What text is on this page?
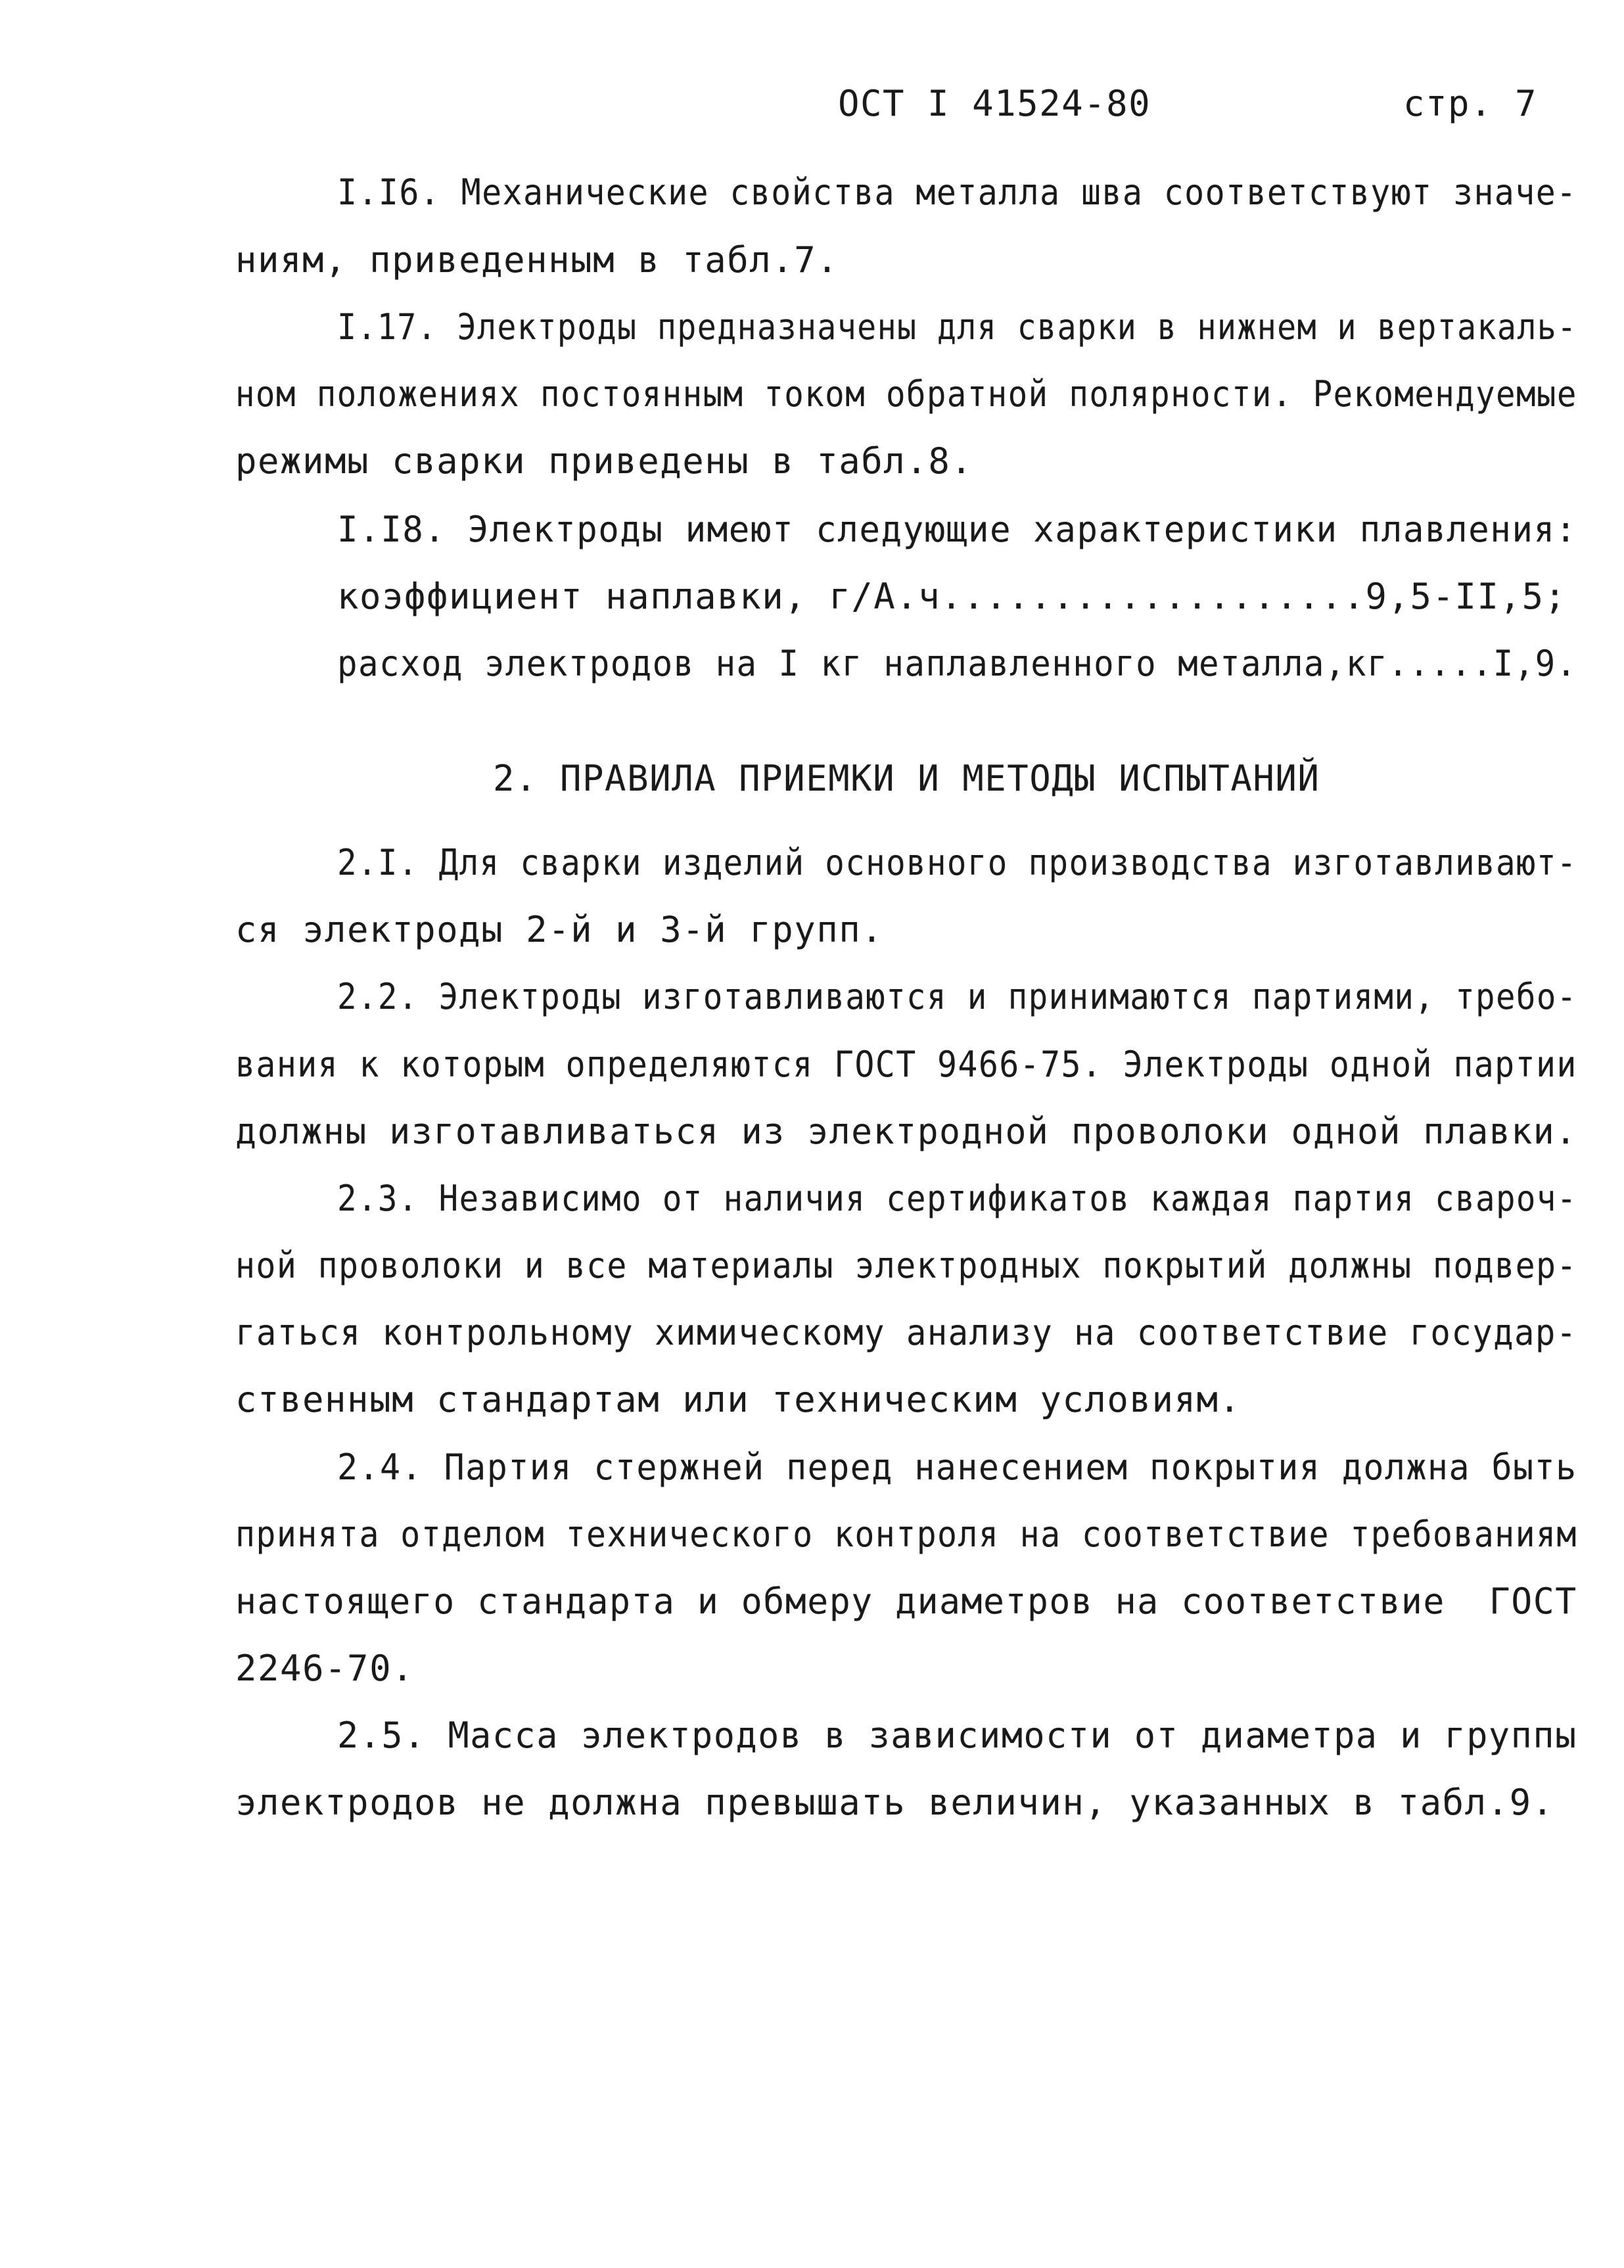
ОСТ I 41524-80	стр. 7
I.I6. Механические свойства металла шва соответствуют значе-
ниям, приведенным в табл.7.
I.17. Электроды предназначены для сварки в нижнем и вертакаль-
ном положениях постоянным током обратной полярности. Рекомендуемые
режимы сварки приведены в табл.8.
I.I8. Электроды имеют следующие характеристики плавления:
коэффициент наплавки, г/А.ч...................9,5-II,5;
расход электродов на I кг наплавленного металла,кг.....I,9.
2. ПРАВИЛА ПРИЕМКИ И МЕТОДЫ ИСПЫТАНИЙ
2.I. Для сварки изделий основного производства изготавливают-
ся электроды 2-й и 3-й групп.
2.2. Электроды изготавливаются и принимаются партиями, требо-
вания к которым определяются ГОСТ 9466-75. Электроды одной партии
должны изготавливаться из электродной проволоки одной плавки.
2.3. Независимо от наличия сертификатов каждая партия свароч-
ной проволоки и все материалы электродных покрытий должны подвер-
гаться контрольному химическому анализу на соответствие государ-
ственным стандартам или техническим условиям.
2.4. Партия стержней перед нанесением покрытия должна быть
принята отделом технического контроля на соответствие требованиям
настоящего стандарта и обмеру диаметров на соответствие  ГОСТ
2246-70.
2.5. Масса электродов в зависимости от диаметра и группы
электродов не должна превышать величин, указанных в табл.9.
